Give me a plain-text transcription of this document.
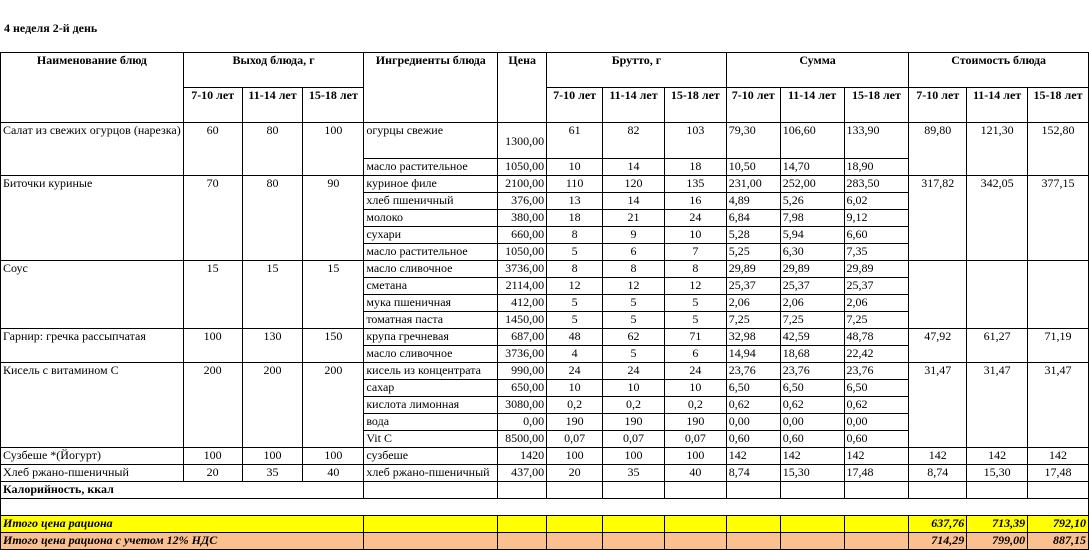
4 неделя 2-й день
Наименование блюд	Выход блюда, г			Ингредиенты блюда	Цена	Брутто, г			Сумма			Стоимость блюда		
	7-10 лет	11-14 лет	15-18 лет			7-10 лет	11-14 лет	15-18 лет	7-10 лет	11-14 лет	15-18 лет	7-10 лет	11-14 лет	15-18 лет
Салат из свежих огурцов (нарезка)	60	80	100	огурцы свежие	1300,00	61	82	103	79,30	106,60	133,90	89,80	121,30	152,80
				масло растительное	1050,00	10	14	18	10,50	14,70	18,90			
Биточки куриные	70	80	90	куриное филе	2100,00	110	120	135	231,00	252,00	283,50	317,82	342,05	377,15
				хлеб пшеничный	376,00	13	14	16	4,89	5,26	6,02			
				молоко	380,00	18	21	24	6,84	7,98	9,12			
				сухари	660,00	8	9	10	5,28	5,94	6,60			
				масло растительное	1050,00	5	6	7	5,25	6,30	7,35			
Соус	15	15	15	масло сливочное	3736,00	8	8	8	29,89	29,89	29,89			
				сметана	2114,00	12	12	12	25,37	25,37	25,37			
				мука пшеничная	412,00	5	5	5	2,06	2,06	2,06			
				томатная паста	1450,00	5	5	5	7,25	7,25	7,25			
Гарнир: гречка рассыпчатая	100	130	150	крупа гречневая	687,00	48	62	71	32,98	42,59	48,78	47,92	61,27	71,19
				масло сливочное	3736,00	4	5	6	14,94	18,68	22,42			
Кисель с витамином С	200	200	200	кисель из концентрата	990,00	24	24	24	23,76	23,76	23,76	31,47	31,47	31,47
				сахар	650,00	10	10	10	6,50	6,50	6,50			
				кислота лимонная	3080,00	0,2	0,2	0,2	0,62	0,62	0,62			
				вода	0,00	190	190	190	0,00	0,00	0,00			
				Vit C	8500,00	0,07	0,07	0,07	0,60	0,60	0,60			
Сузбеше *(Йогурт)	100	100	100	сузбеше	1420	100	100	100	142	142	142	142	142	142
Хлеб ржано-пшеничный	20	35	40	хлеб ржано-пшеничный	437,00	20	35	40	8,74	15,30	17,48	8,74	15,30	17,48
Калорийность, ккал														

Итого цена рациона												637,76	713,39	792,10
Итого цена рациона с учетом 12% НДС												714,29	799,00	887,15
